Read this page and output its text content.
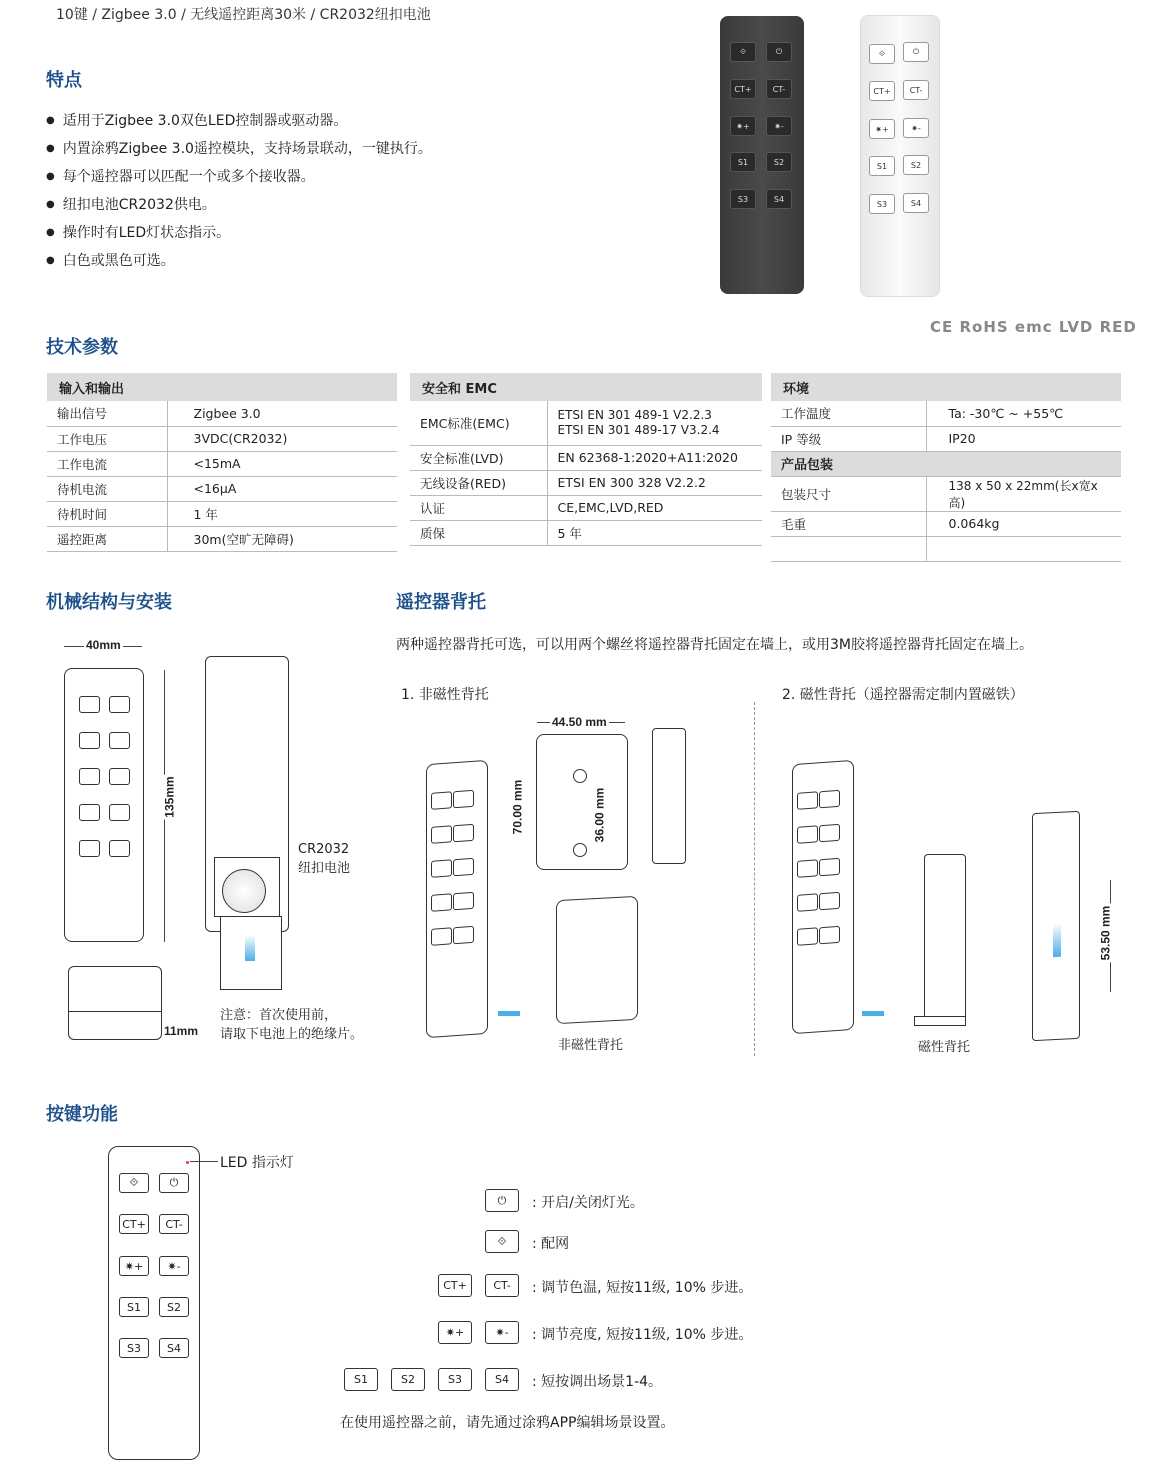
10键 / Zigbee 3.0 / 无线遥控距离30米 / CR2032纽扣电池
特点
● 适用于Zigbee 3.0双色LED控制器或驱动器。
● 内置涂鸦Zigbee 3.0遥控模块，支持场景联动，一键执行。
● 每个遥控器可以匹配一个或多个接收器。
● 纽扣电池CR2032供电。
● 操作时有LED灯状态指示。
● 白色或黑色可选。
⟐	⏻
CT+	CT-
✷+	✷-
S1	S2
S3	S4
⟐	⏻
CT+	CT-
✷+	✷-
S1	S2
S3	S4
CE RoHS emc LVD RED
技术参数
输入和输出	
输出信号	Zigbee 3.0
工作电压	3VDC(CR2032)
工作电流	<15mA
待机电流	<16μA
待机时间	1 年
遥控距离	30m(空旷无障碍)
安全和 EMC	
EMC标准(EMC)	ETSI EN 301 489-1 V2.2.3
ETSI EN 301 489-17 V3.2.4
安全标准(LVD)	EN 62368-1:2020+A11:2020
无线设备(RED)	ETSI EN 300 328 V2.2.2
认证	CE,EMC,LVD,RED
质保	5 年
环境	
工作温度	Ta: -30℃ ~ +55℃
IP 等级	IP20
产品包装	
包装尺寸	138 x 50 x 22mm(长x宽x高)
毛重	0.064kg

机械结构与安装
40mm
135mm
11mm
CR2032
纽扣电池
注意：首次使用前，
请取下电池上的绝缘片。
遥控器背托
两种遥控器背托可选，可以用两个螺丝将遥控器背托固定在墙上，或用3M胶将遥控器背托固定在墙上。
1. 非磁性背托	2. 磁性背托（遥控器需定制内置磁铁）
44.50 mm
70.00 mm	36.00 mm
非磁性背托	磁性背托
53.50 mm
按键功能
⟐	⏻
CT+	CT-
✷+	✷-
S1	S2
S3	S4
LED 指示灯
⏻	: 开启/关闭灯光。
⟐	: 配网
CT+	CT-	: 调节色温, 短按11级, 10% 步进。
✷+	✷-	: 调节亮度, 短按11级, 10% 步进。
S1	S2	S3	S4	: 短按调出场景1-4。
在使用遥控器之前，请先通过涂鸦APP编辑场景设置。
